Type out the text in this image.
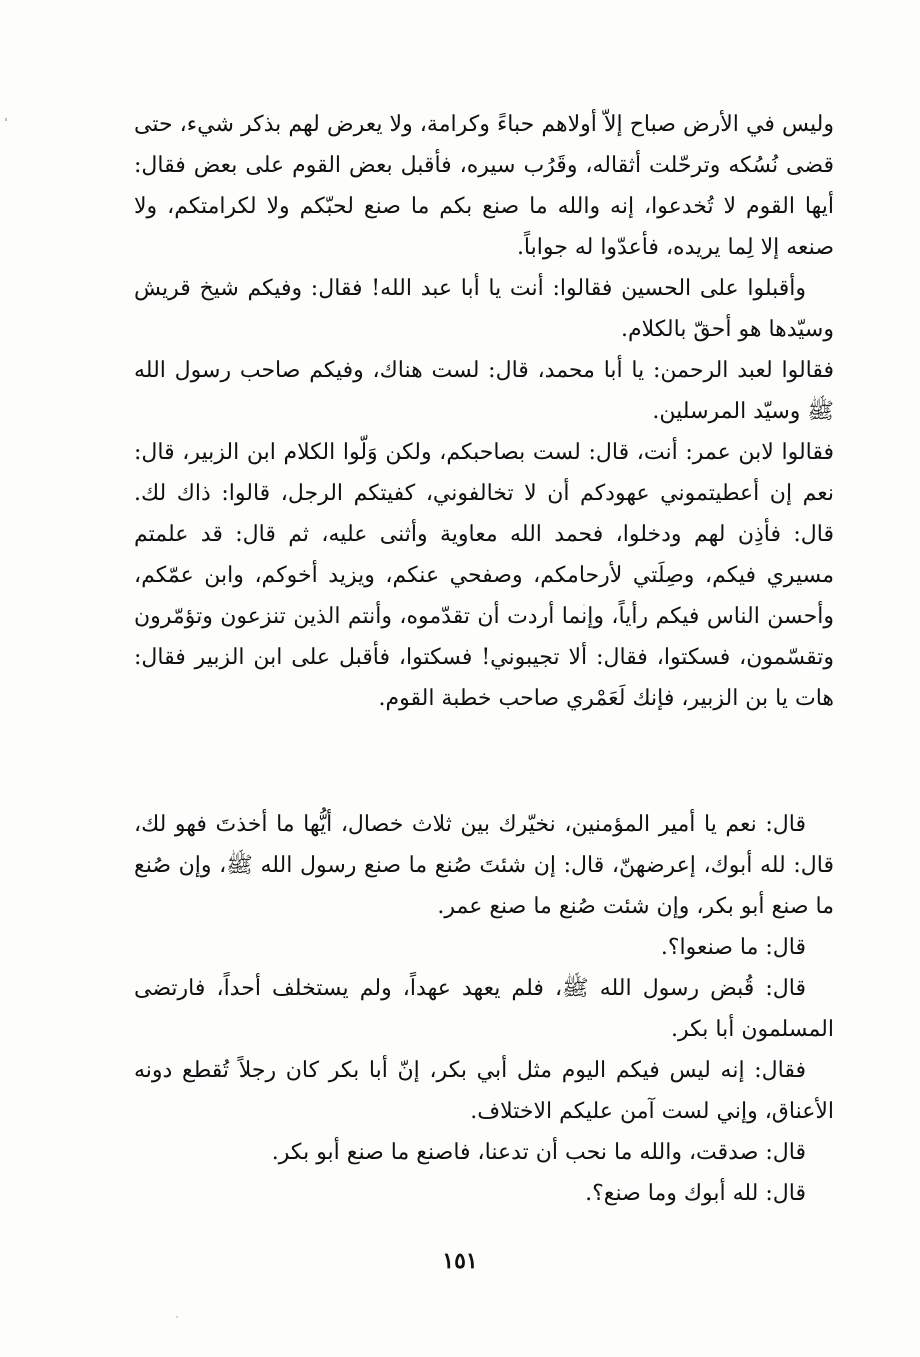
وليس في الأرض صباح إلاّ أولاهم حباءً وكرامة، ولا يعرض لهم بذكر شيء، حتى قضى نُسُكه وترحّلت أثقاله، وقَرُب سيره، فأقبل بعض القوم على بعض فقال: أيها القوم لا تُخدعوا، إنه والله ما صنع بكم ما صنع لحبّكم ولا لكرامتكم، ولا صنعه إلا لِما يريده، فأعدّوا له جواباً.

وأقبلوا على الحسين فقالوا: أنت يا أبا عبد الله! فقال: وفيكم شيخ قريش وسيّدها هو أحقّ بالكلام.

فقالوا لعبد الرحمن: يا أبا محمد، قال: لست هناك، وفيكم صاحب رسول الله ﷺ وسيّد المرسلين.

فقالوا لابن عمر: أنت، قال: لست بصاحبكم، ولكن وَلّوا الكلام ابن الزبير، قال: نعم إن أعطيتموني عهودكم أن لا تخالفوني، كفيتكم الرجل، قالوا: ذاك لك. قال: فأذِن لهم ودخلوا، فحمد الله معاوية وأثنى عليه، ثم قال: قد علمتم مسيري فيكم، وصِلَتي لأرحامكم، وصفحي عنكم، ويزيد أخوكم، وابن عمّكم، وأحسن الناس فيكم رأياً، وإنما أردت أن تقدّموه، وأنتم الذين تنزعون وتؤمّرون وتقسّمون، فسكتوا، فقال: ألا تجيبوني! فسكتوا، فأقبل على ابن الزبير فقال: هات يا بن الزبير، فإنك لَعَمْري صاحب خطبة القوم.

قال: نعم يا أمير المؤمنين، نخيّرك بين ثلاث خصال، أيُّها ما أخذتَ فهو لك، قال: لله أبوك، إعرضهنّ، قال: إن شئتَ صُنع ما صنع رسول الله ﷺ، وإن صُنع ما صنع أبو بكر، وإن شئت صُنع ما صنع عمر.

قال: ما صنعوا؟.

قال: قُبض رسول الله ﷺ، فلم يعهد عهداً، ولم يستخلف أحداً، فارتضى المسلمون أبا بكر.

فقال: إنه ليس فيكم اليوم مثل أبي بكر، إنّ أبا بكر كان رجلاً تُقطع دونه الأعناق، وإني لست آمن عليكم الاختلاف.

قال: صدقت، والله ما نحب أن تدعنا، فاصنع ما صنع أبو بكر.

قال: لله أبوك وما صنع؟.

١٥١
